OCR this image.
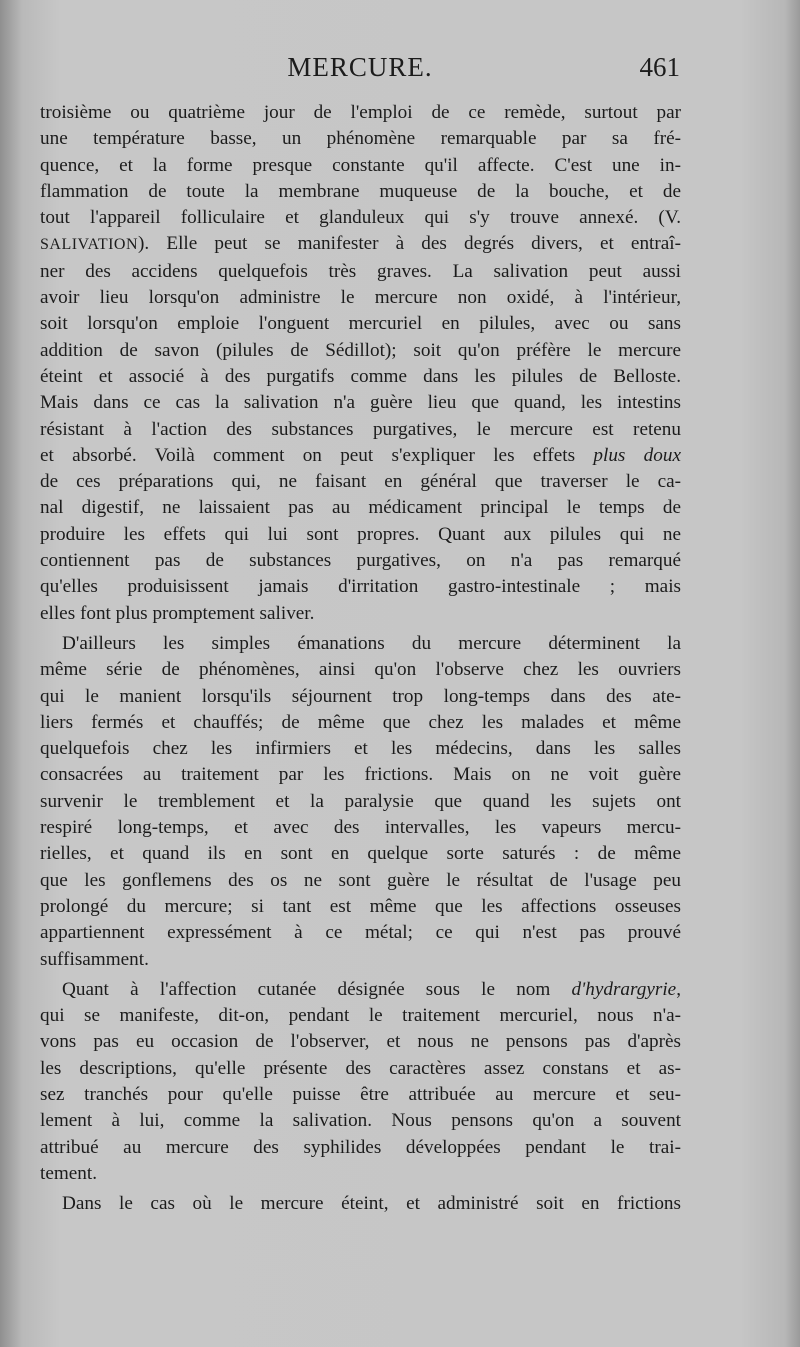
MERCURE.	461

troisième ou quatrième jour de l'emploi de ce remède, surtout par

une température basse, un phénomène remarquable par sa fré-

quence, et la forme presque constante qu'il affecte. C'est une in-

flammation de toute la membrane muqueuse de la bouche, et de

tout l'appareil folliculaire et glanduleux qui s'y trouve annexé. (V.

SALIVATION). Elle peut se manifester à des degrés divers, et entraî-

ner des accidens quelquefois très graves. La salivation peut aussi

avoir lieu lorsqu'on administre le mercure non oxidé, à l'intérieur,

soit lorsqu'on emploie l'onguent mercuriel en pilules, avec ou sans

addition de savon (pilules de Sédillot); soit qu'on préfère le mercure

éteint et associé à des purgatifs comme dans les pilules de Belloste.

Mais dans ce cas la salivation n'a guère lieu que quand, les intestins

résistant à l'action des substances purgatives, le mercure est retenu

et absorbé. Voilà comment on peut s'expliquer les effets plus doux

de ces préparations qui, ne faisant en général que traverser le ca-

nal digestif, ne laissaient pas au médicament principal le temps de

produire les effets qui lui sont propres. Quant aux pilules qui ne

contiennent pas de substances purgatives, on n'a pas remarqué

qu'elles produisissent jamais d'irritation gastro-intestinale ; mais

elles font plus promptement saliver.

D'ailleurs les simples émanations du mercure déterminent la

même série de phénomènes, ainsi qu'on l'observe chez les ouvriers

qui le manient lorsqu'ils séjournent trop long-temps dans des ate-

liers fermés et chauffés; de même que chez les malades et même

quelquefois chez les infirmiers et les médecins, dans les salles

consacrées au traitement par les frictions. Mais on ne voit guère

survenir le tremblement et la paralysie que quand les sujets ont

respiré long-temps, et avec des intervalles, les vapeurs mercu-

rielles, et quand ils en sont en quelque sorte saturés : de même

que les gonflemens des os ne sont guère le résultat de l'usage peu

prolongé du mercure; si tant est même que les affections osseuses

appartiennent expressément à ce métal; ce qui n'est pas prouvé

suffisamment.

Quant à l'affection cutanée désignée sous le nom d'hydrargyrie,

qui se manifeste, dit-on, pendant le traitement mercuriel, nous n'a-

vons pas eu occasion de l'observer, et nous ne pensons pas d'après

les descriptions, qu'elle présente des caractères assez constans et as-

sez tranchés pour qu'elle puisse être attribuée au mercure et seu-

lement à lui, comme la salivation. Nous pensons qu'on a souvent

attribué au mercure des syphilides développées pendant le trai-

tement.

Dans le cas où le mercure éteint, et administré soit en frictions
